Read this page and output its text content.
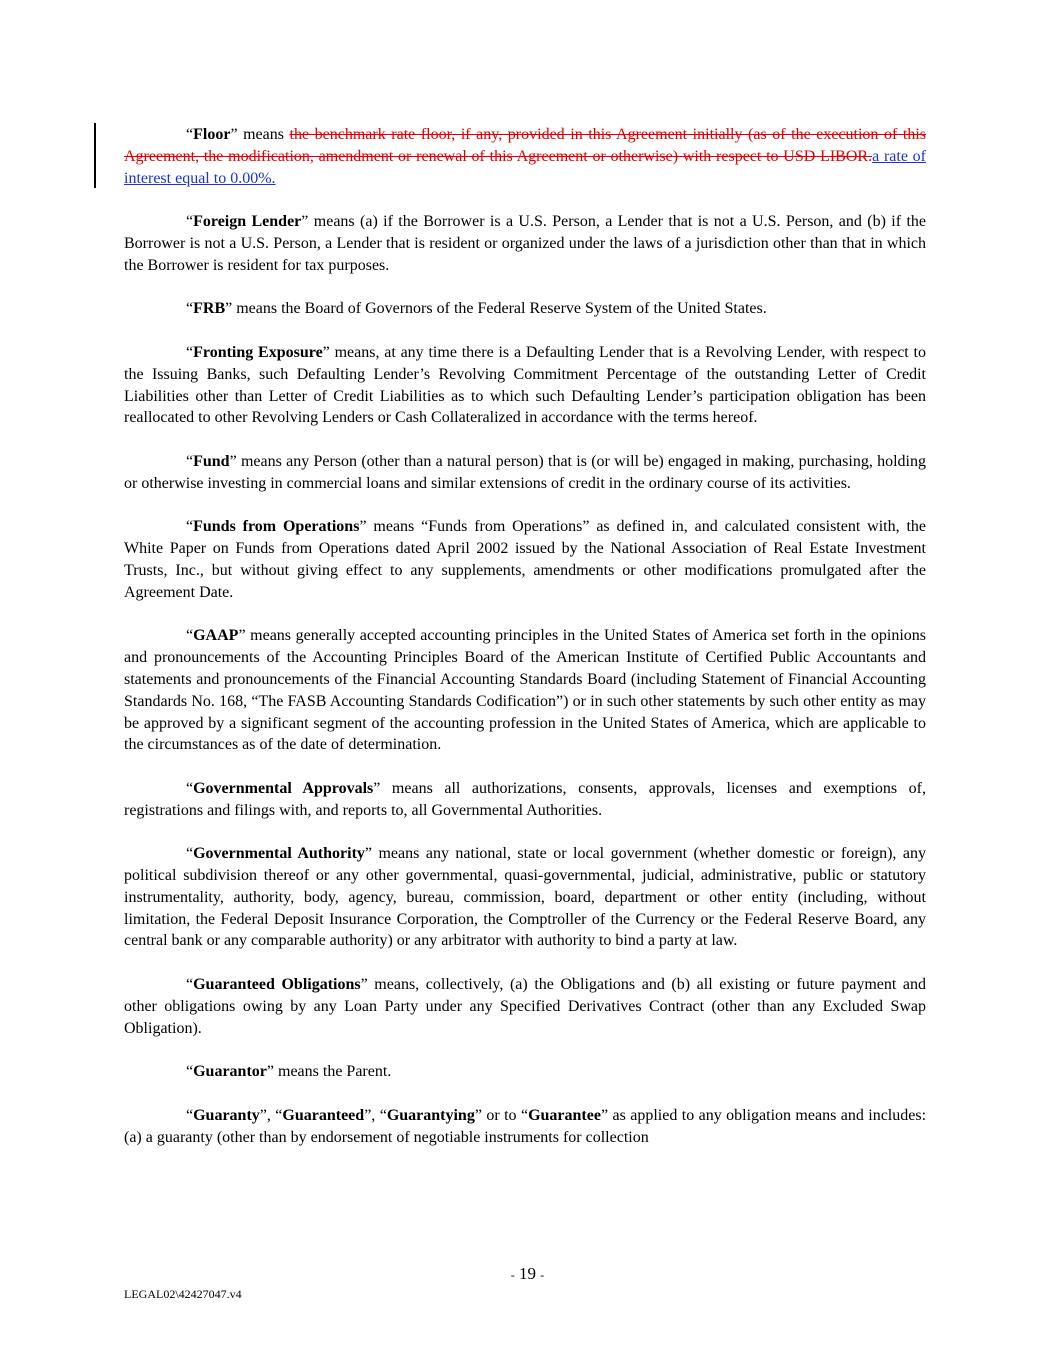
“Floor” means the benchmark rate floor, if any, provided in this Agreement initially (as of the execution of this Agreement, the modification, amendment or renewal of this Agreement or otherwise) with respect to USD LIBOR.a rate of interest equal to 0.00%.

“Foreign Lender” means (a) if the Borrower is a U.S. Person, a Lender that is not a U.S. Person, and (b) if the Borrower is not a U.S. Person, a Lender that is resident or organized under the laws of a jurisdiction other than that in which the Borrower is resident for tax purposes.

“FRB” means the Board of Governors of the Federal Reserve System of the United States.

“Fronting Exposure” means, at any time there is a Defaulting Lender that is a Revolving Lender, with respect to the Issuing Banks, such Defaulting Lender’s Revolving Commitment Percentage of the outstanding Letter of Credit Liabilities other than Letter of Credit Liabilities as to which such Defaulting Lender’s participation obligation has been reallocated to other Revolving Lenders or Cash Collateralized in accordance with the terms hereof.

“Fund” means any Person (other than a natural person) that is (or will be) engaged in making, purchasing, holding or otherwise investing in commercial loans and similar extensions of credit in the ordinary course of its activities.

“Funds from Operations” means “Funds from Operations” as defined in, and calculated consistent with, the White Paper on Funds from Operations dated April 2002 issued by the National Association of Real Estate Investment Trusts, Inc., but without giving effect to any supplements, amendments or other modifications promulgated after the Agreement Date.

“GAAP” means generally accepted accounting principles in the United States of America set forth in the opinions and pronouncements of the Accounting Principles Board of the American Institute of Certified Public Accountants and statements and pronouncements of the Financial Accounting Standards Board (including Statement of Financial Accounting Standards No. 168, “The FASB Accounting Standards Codification”) or in such other statements by such other entity as may be approved by a significant segment of the accounting profession in the United States of America, which are applicable to the circumstances as of the date of determination.

“Governmental Approvals” means all authorizations, consents, approvals, licenses and exemptions of, registrations and filings with, and reports to, all Governmental Authorities.

“Governmental Authority” means any national, state or local government (whether domestic or foreign), any political subdivision thereof or any other governmental, quasi-governmental, judicial, administrative, public or statutory instrumentality, authority, body, agency, bureau, commission, board, department or other entity (including, without limitation, the Federal Deposit Insurance Corporation, the Comptroller of the Currency or the Federal Reserve Board, any central bank or any comparable authority) or any arbitrator with authority to bind a party at law.

“Guaranteed Obligations” means, collectively, (a) the Obligations and (b) all existing or future payment and other obligations owing by any Loan Party under any Specified Derivatives Contract (other than any Excluded Swap Obligation).

“Guarantor” means the Parent.

“Guaranty”, “Guaranteed”, “Guarantying” or to “Guarantee” as applied to any obligation means and includes: (a) a guaranty (other than by endorsement of negotiable instruments for collection

- 19 -
LEGAL02\42427047.v4
